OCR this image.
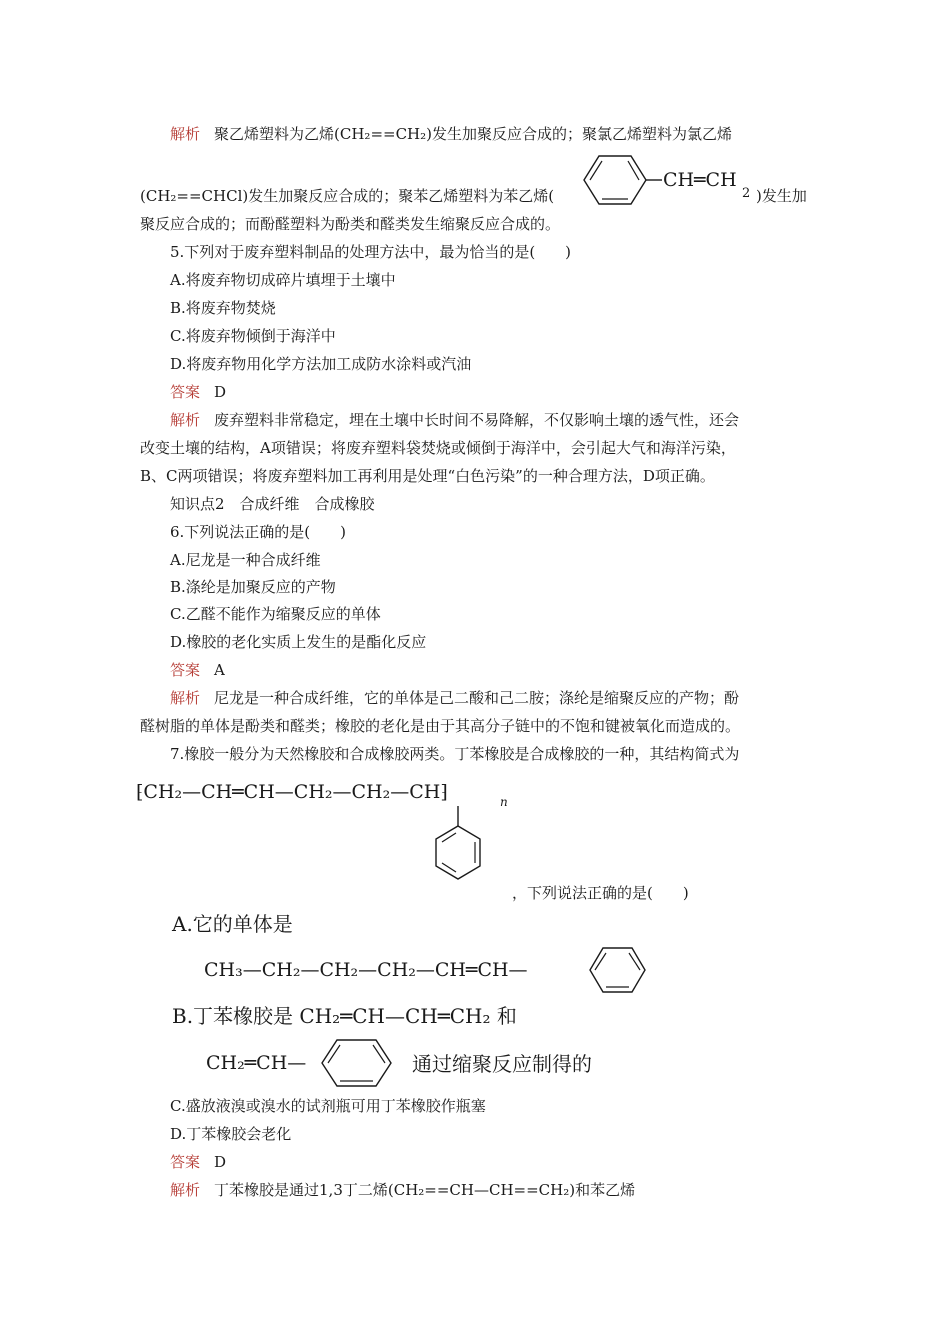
解析 聚乙烯塑料为乙烯(CH₂==CH₂)发生加聚反应合成的；聚氯乙烯塑料为氯乙烯
(CH₂==CHCl)发生加聚反应合成的；聚苯乙烯塑料为苯乙烯(
CH═CH
2 )发生加
聚反应合成的；而酚醛塑料为酚类和醛类发生缩聚反应合成的。
5.下列对于废弃塑料制品的处理方法中，最为恰当的是(　　)
A.将废弃物切成碎片填埋于土壤中
B.将废弃物焚烧
C.将废弃物倾倒于海洋中
D.将废弃物用化学方法加工成防水涂料或汽油
答案 D
解析 废弃塑料非常稳定，埋在土壤中长时间不易降解，不仅影响土壤的透气性，还会
改变土壤的结构，A项错误；将废弃塑料袋焚烧或倾倒于海洋中，会引起大气和海洋污染，
B、C两项错误；将废弃塑料加工再利用是处理“白色污染”的一种合理方法，D项正确。
知识点2　合成纤维　合成橡胶
6.下列说法正确的是(　　)
A.尼龙是一种合成纤维
B.涤纶是加聚反应的产物
C.乙醛不能作为缩聚反应的单体
D.橡胶的老化实质上发生的是酯化反应
答案 A
解析 尼龙是一种合成纤维，它的单体是己二酸和己二胺；涤纶是缩聚反应的产物；酚
醛树脂的单体是酚类和醛类；橡胶的老化是由于其高分子链中的不饱和键被氧化而造成的。
7.橡胶一般分为天然橡胶和合成橡胶两类。丁苯橡胶是合成橡胶的一种，其结构简式为
⁅CH₂—CH═CH—CH₂—CH₂—CH⁆	n
，下列说法正确的是(　　)
A.它的单体是
CH₃—CH₂—CH₂—CH₂—CH═CH—
B.丁苯橡胶是 CH₂═CH—CH═CH₂ 和
CH₂═CH—	通过缩聚反应制得的
C.盛放液溴或溴水的试剂瓶可用丁苯橡胶作瓶塞
D.丁苯橡胶会老化
答案 D
解析 丁苯橡胶是通过1,3丁二烯(CH₂==CH—CH==CH₂)和苯乙烯
